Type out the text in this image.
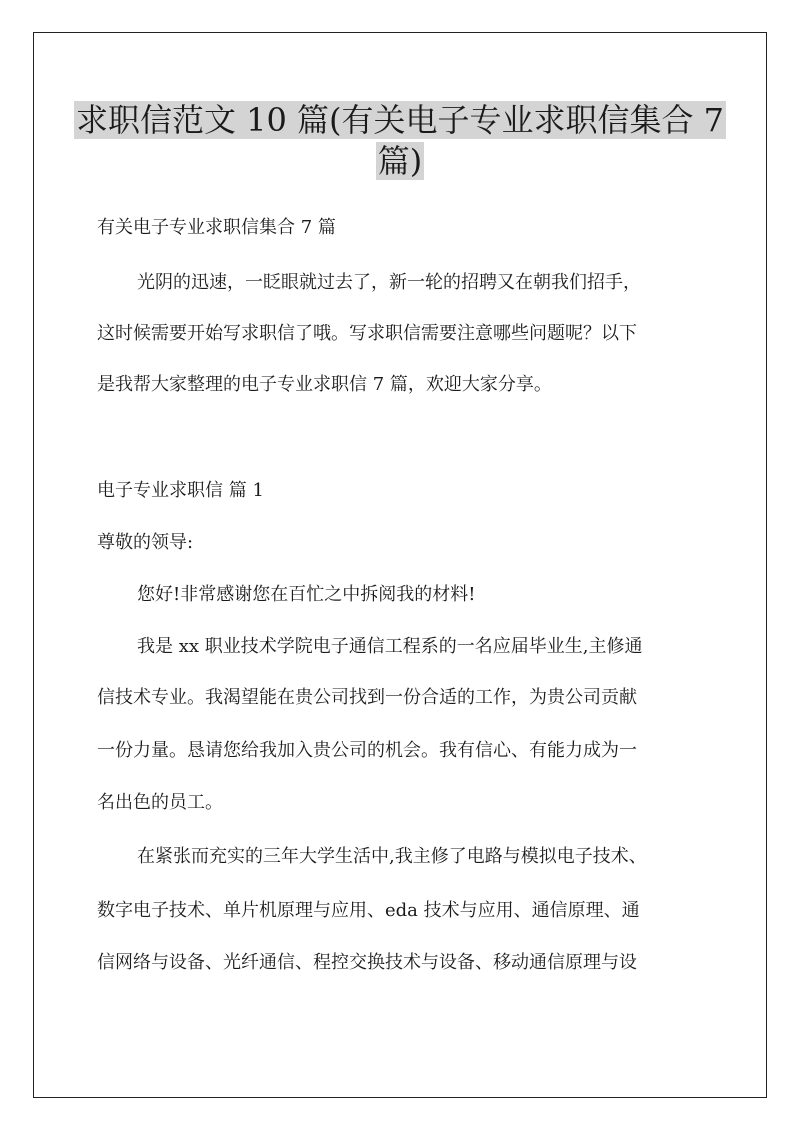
求职信范文 10 篇(有关电子专业求职信集合 7
篇)
有关电子专业求职信集合 7 篇
光阴的迅速，一眨眼就过去了，新一轮的招聘又在朝我们招手，
这时候需要开始写求职信了哦。写求职信需要注意哪些问题呢？以下
是我帮大家整理的电子专业求职信 7 篇，欢迎大家分享。
电子专业求职信 篇 1
尊敬的领导:
您好!非常感谢您在百忙之中拆阅我的材料!
我是 xx 职业技术学院电子通信工程系的一名应届毕业生,主修通
信技术专业。我渴望能在贵公司找到一份合适的工作，为贵公司贡献
一份力量。恳请您给我加入贵公司的机会。我有信心、有能力成为一
名出色的员工。
在紧张而充实的三年大学生活中,我主修了电路与模拟电子技术、
数字电子技术、单片机原理与应用、eda 技术与应用、通信原理、通
信网络与设备、光纤通信、程控交换技术与设备、移动通信原理与设
